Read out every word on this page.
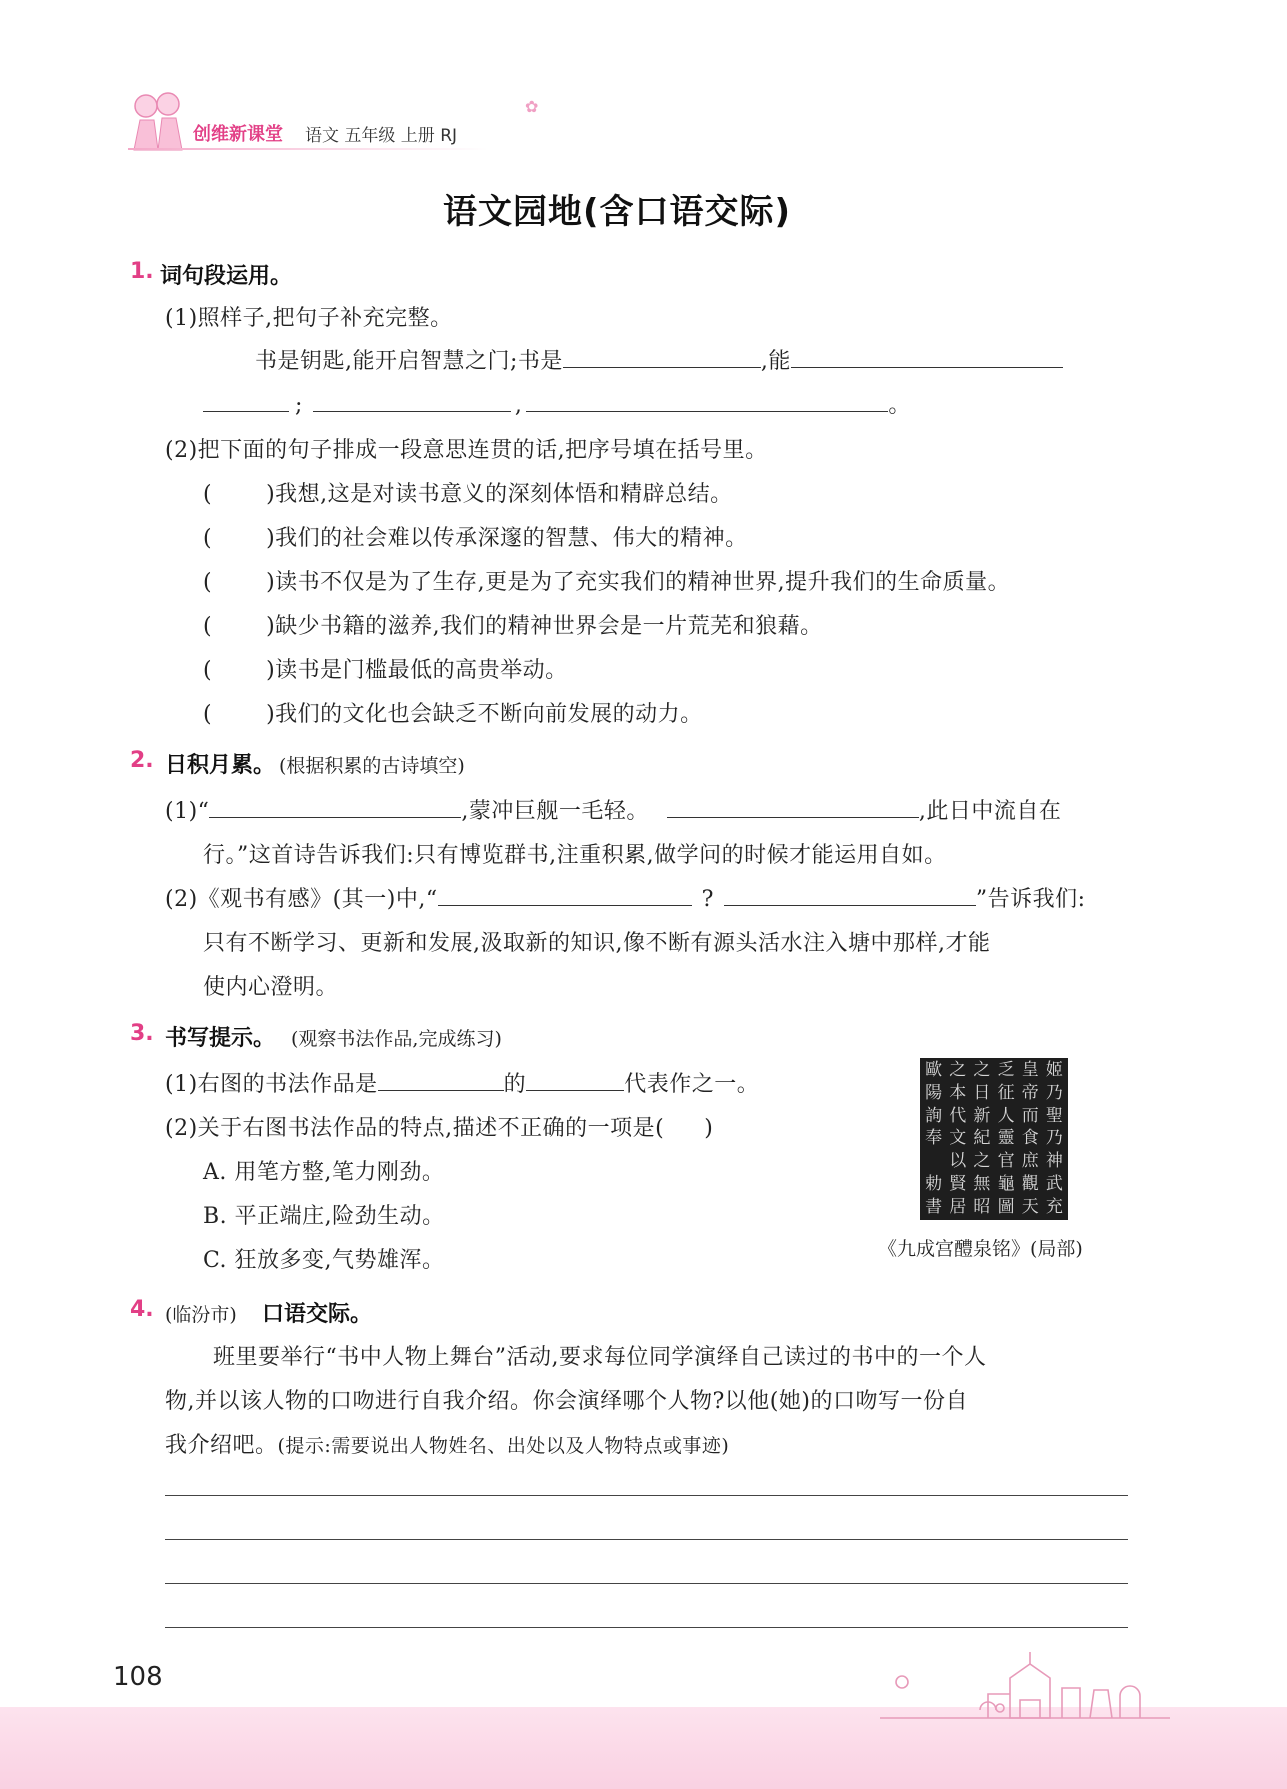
创维新课堂 语文 五年级 上册 RJ
✿
语文园地(含口语交际)
1. 词句段运用。
(1)照样子,把句子补充完整。
书是钥匙,能开启智慧之门;书是	,能
;	,	。
(2)把下面的句子排成一段意思连贯的话,把序号填在括号里。
( )我想,这是对读书意义的深刻体悟和精辟总结。
( )我们的社会难以传承深邃的智慧、伟大的精神。
( )读书不仅是为了生存,更是为了充实我们的精神世界,提升我们的生命质量。
( )缺少书籍的滋养,我们的精神世界会是一片荒芜和狼藉。
( )读书是门槛最低的高贵举动。
( )我们的文化也会缺乏不断向前发展的动力。
2. 日积月累。 (根据积累的古诗填空)
(1)“	,蒙冲巨舰一毛轻。	,此日中流自在
行。”这首诗告诉我们:只有博览群书,注重积累,做学问的时候才能运用自如。
(2)《观书有感》(其一)中,“	?	”告诉我们:
只有不断学习、更新和发展,汲取新的知识,像不断有源头活水注入塘中那样,才能
使内心澄明。
3. 书写提示。 (观察书法作品,完成练习)
(1)右图的书法作品是	的	代表作之一。
(2)关于右图书法作品的特点,描述不正确的一项是( )
A. 用笔方整,笔力刚劲。
B. 平正端庄,险劲生动。
C. 狂放多变,气势雄浑。
歐 之 之 乏 皇 姬
陽 本 日 征 帝 乃
詢 代 新 人 而 聖
奉 文 紀 靈 食 乃
以 之 官 庶 神
勅 賢 無 龜 觀 武
書 居 昭 圖 天 充
《九成宫醴泉铭》(局部)
4. (临汾市) 口语交际。
班里要举行“书中人物上舞台”活动,要求每位同学演绎自己读过的书中的一个人
物,并以该人物的口吻进行自我介绍。你会演绎哪个人物?以他(她)的口吻写一份自
我介绍吧。(提示:需要说出人物姓名、出处以及人物特点或事迹)
108
